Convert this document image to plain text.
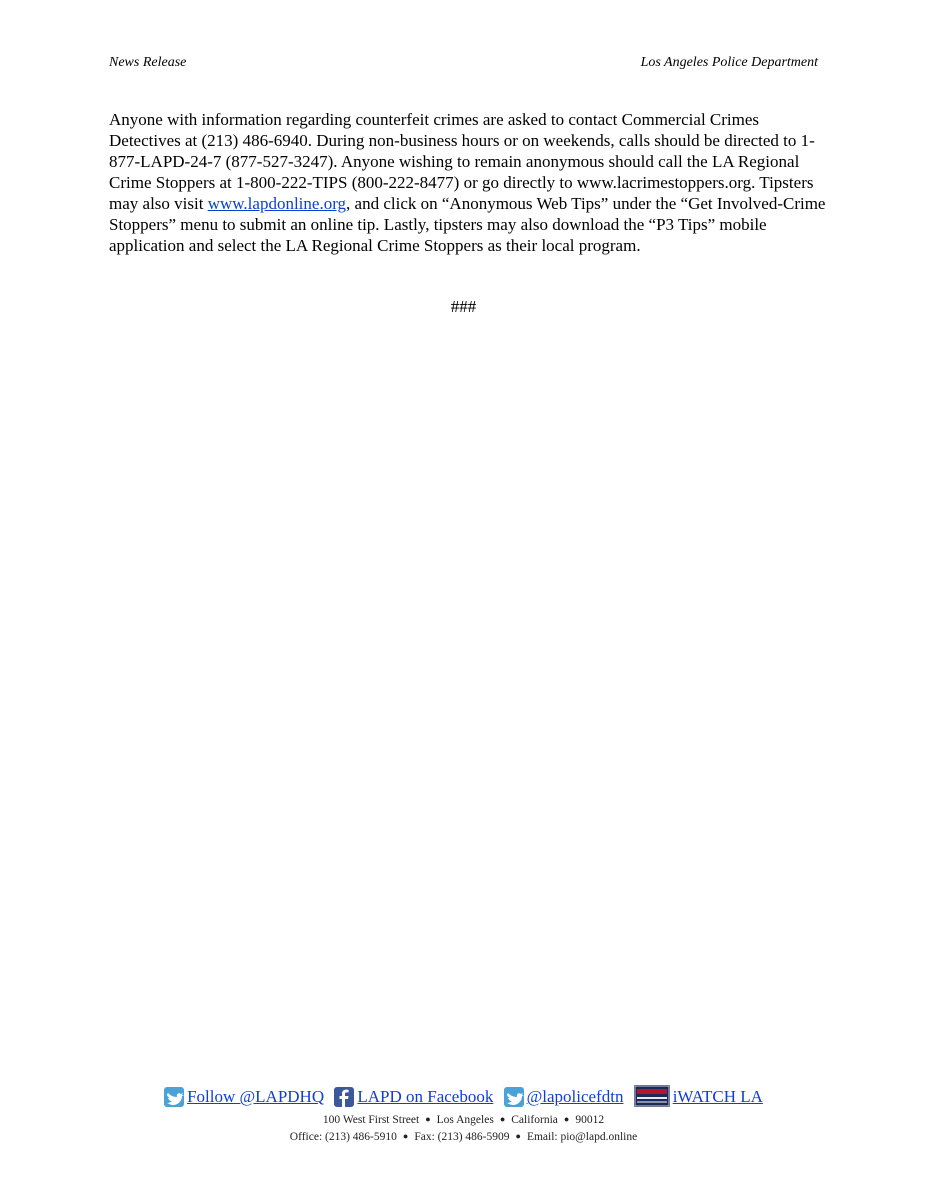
News Release	Los Angeles Police Department
Anyone with information regarding counterfeit crimes are asked to contact Commercial Crimes Detectives at (213) 486-6940. During non-business hours or on weekends, calls should be directed to 1-877-LAPD-24-7 (877-527-3247). Anyone wishing to remain anonymous should call the LA Regional Crime Stoppers at 1-800-222-TIPS (800-222-8477) or go directly to www.lacrimestoppers.org. Tipsters may also visit www.lapdonline.org, and click on “Anonymous Web Tips” under the “Get Involved-Crime Stoppers” menu to submit an online tip. Lastly, tipsters may also download the “P3 Tips” mobile application and select the LA Regional Crime Stoppers as their local program.
###
Follow @LAPDHQ
LAPD on Facebook
@lapolicefdtn
	iWATCH LA
100 West First Street ● Los Angeles ● California ● 90012
Office: (213) 486-5910 ● Fax: (213) 486-5909 ● Email: pio@lapd.online
